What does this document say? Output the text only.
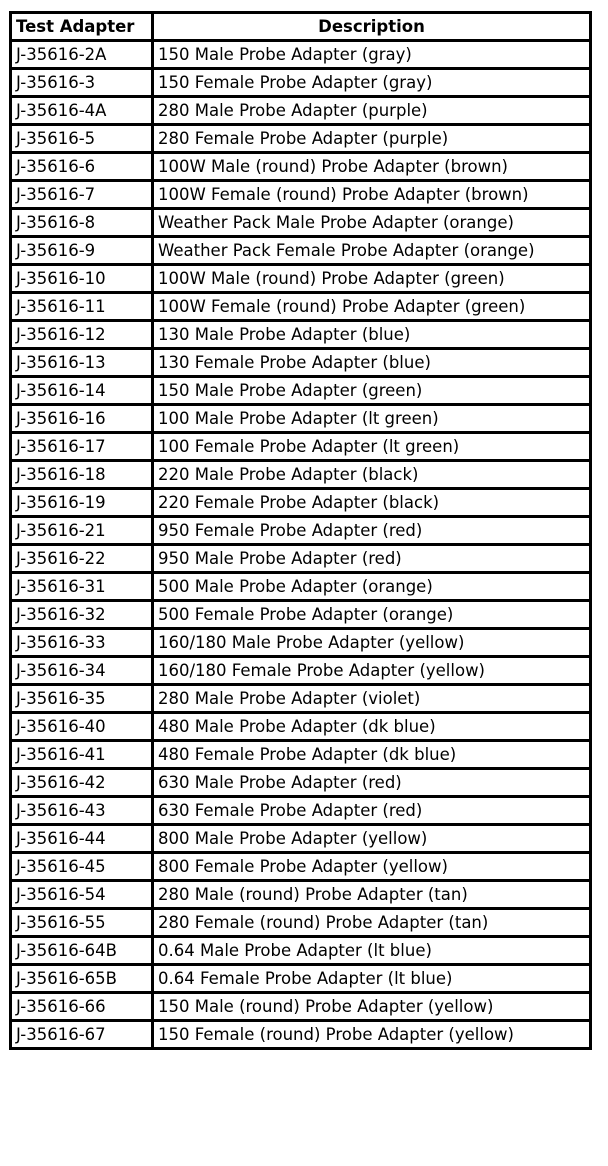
Test Adapter	Description
J-35616-2A	150 Male Probe Adapter (gray)
J-35616-3	150 Female Probe Adapter (gray)
J-35616-4A	280 Male Probe Adapter (purple)
J-35616-5	280 Female Probe Adapter (purple)
J-35616-6	100W Male (round) Probe Adapter (brown)
J-35616-7	100W Female (round) Probe Adapter (brown)
J-35616-8	Weather Pack Male Probe Adapter (orange)
J-35616-9	Weather Pack Female Probe Adapter (orange)
J-35616-10	100W Male (round) Probe Adapter (green)
J-35616-11	100W Female (round) Probe Adapter (green)
J-35616-12	130 Male Probe Adapter (blue)
J-35616-13	130 Female Probe Adapter (blue)
J-35616-14	150 Male Probe Adapter (green)
J-35616-16	100 Male Probe Adapter (lt green)
J-35616-17	100 Female Probe Adapter (lt green)
J-35616-18	220 Male Probe Adapter (black)
J-35616-19	220 Female Probe Adapter (black)
J-35616-21	950 Female Probe Adapter (red)
J-35616-22	950 Male Probe Adapter (red)
J-35616-31	500 Male Probe Adapter (orange)
J-35616-32	500 Female Probe Adapter (orange)
J-35616-33	160/180 Male Probe Adapter (yellow)
J-35616-34	160/180 Female Probe Adapter (yellow)
J-35616-35	280 Male Probe Adapter (violet)
J-35616-40	480 Male Probe Adapter (dk blue)
J-35616-41	480 Female Probe Adapter (dk blue)
J-35616-42	630 Male Probe Adapter (red)
J-35616-43	630 Female Probe Adapter (red)
J-35616-44	800 Male Probe Adapter (yellow)
J-35616-45	800 Female Probe Adapter (yellow)
J-35616-54	280 Male (round) Probe Adapter (tan)
J-35616-55	280 Female (round) Probe Adapter (tan)
J-35616-64B	0.64 Male Probe Adapter (lt blue)
J-35616-65B	0.64 Female Probe Adapter (lt blue)
J-35616-66	150 Male (round) Probe Adapter (yellow)
J-35616-67	150 Female (round) Probe Adapter (yellow)
